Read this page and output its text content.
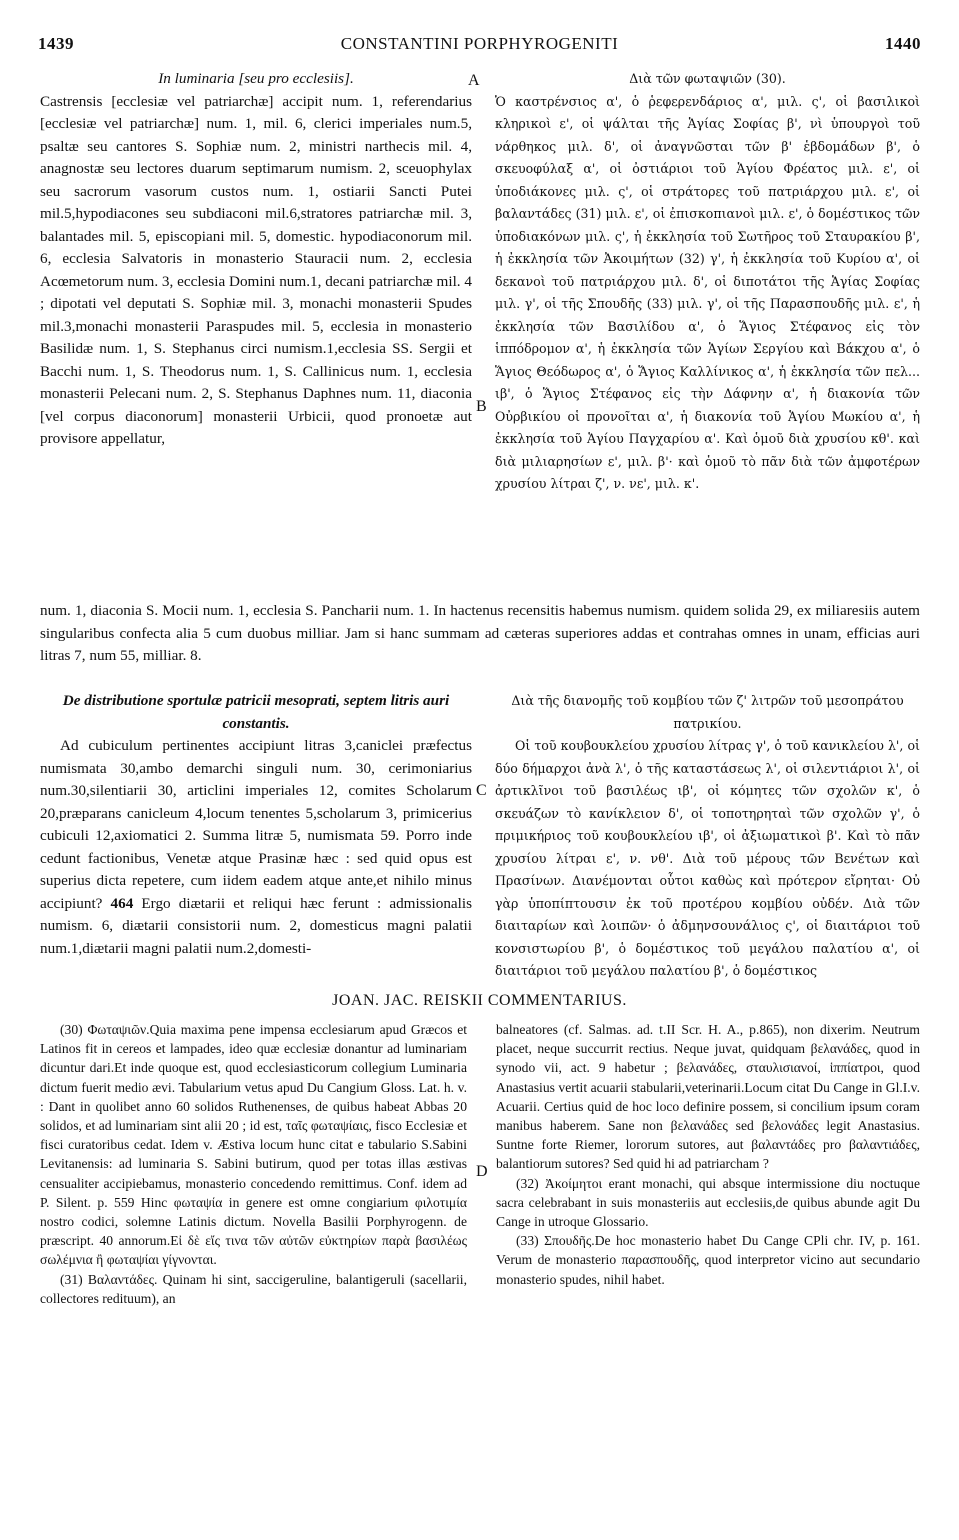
1439	CONSTANTINI PORPHYROGENITI	1440
A
B
C
D

In luminaria [seu pro ecclesiis].

Castrensis [ecclesiæ vel patriarchæ] accipit num. 1, referendarius [ecclesiæ vel patriarchæ] num. 1, mil. 6, clerici imperiales num.5, psaltæ seu cantores S. Sophiæ num. 2, ministri narthecis mil. 4, anagnostæ seu lectores duarum septimarum numism. 2, sceuophylax seu sacrorum vasorum custos num. 1, ostiarii Sancti Putei mil.5,hypodiacones seu subdiaconi mil.6,stratores patriarchæ mil. 3, balantades mil. 5, episcopiani mil. 5, domestic. hypodiaconorum mil. 6, ecclesia Salvatoris in monasterio Stauracii num. 2, ecclesia Acœmetorum num. 3, ecclesia Domini num.1, decani patriarchæ mil. 4 ; dipotati vel deputati S. Sophiæ mil. 3, monachi monasterii Spudes mil.3,monachi monasterii Paraspudes mil. 5, ecclesia in monasterio Basilidæ num. 1, S. Stephanus circi numism.1,ecclesia SS. Sergii et Bacchi num. 1, S. Theodorus num. 1, S. Callinicus num. 1, ecclesia monasterii Pelecani num. 2, S. Stephanus Daphnes num. 11, diaconia [vel corpus diaconorum] monasterii Urbicii, quod pronoetæ aut provisore appellatur,

Διὰ τῶν φωταψιῶν (30).

Ὁ καστρένσιος α', ὁ ῥεφερενδάριος α', μιλ. ς', οἱ βασιλικοὶ κληρικοὶ ε', οἱ ψάλται τῆς Ἁγίας Σοφίας β', νὶ ὑπουργοὶ τοῦ νάρθηκος μιλ. δ', οἱ ἀναγνῶσται τῶν β' ἑβδομάδων β', ὁ σκευοφύλαξ α', οἱ ὀστιάριοι τοῦ Ἁγίου Φρέατος μιλ. ε', οἱ ὑποδιάκονες μιλ. ς', οἱ στράτορες τοῦ πατριάρχου μιλ. ε', οἱ βαλαντάδες (31) μιλ. ε', οἱ ἐπισκοπιανοὶ μιλ. ε', ὁ δομέστικος τῶν ὑποδιακόνων μιλ. ς', ἡ ἐκκλησία τοῦ Σωτῆρος τοῦ Σταυρακίου β', ἡ ἐκκλησία τῶν Ἀκοιμήτων (32) γ', ἡ ἐκκλησία τοῦ Κυρίου α', οἱ δεκανοὶ τοῦ πατριάρχου μιλ. δ', οἱ διποτάτοι τῆς Ἁγίας Σοφίας μιλ. γ', οἱ τῆς Σπουδῆς (33) μιλ. γ', οἱ τῆς Παρασπουδῆς μιλ. ε', ἡ ἐκκλησία τῶν Βασιλίδου α', ὁ Ἅγιος Στέφανος εἰς τὸν ἱππόδρομον α', ἡ ἐκκλησία τῶν Ἁγίων Σεργίου καὶ Βάκχου α', ὁ Ἅγιος Θεόδωρος α', ὁ Ἅγιος Καλλίνικος α', ἡ ἐκκλησία τῶν πελ... ιβ', ὁ Ἅγιος Στέφανος εἰς τὴν Δάφνην α', ἡ διακονία τῶν Οὐρβικίου οἱ προνοῖται α', ἡ διακονία τοῦ Ἁγίου Μωκίου α', ἡ ἐκκλησία τοῦ Ἁγίου Παγχαρίου α'. Καὶ ὁμοῦ διὰ χρυσίου κθ'. καὶ διὰ μιλιαρησίων ε', μιλ. β'· καὶ ὁμοῦ τὸ πᾶν διὰ τῶν ἀμφοτέρων χρυσίου λίτραι ζ', ν. νε', μιλ. κ'.

num. 1, diaconia S. Mocii num. 1, ecclesia S. Pancharii num. 1. In hactenus recensitis habemus numism. quidem solida 29, ex miliaresiis autem singularibus confecta alia 5 cum duobus milliar. Jam si hanc summam ad cæteras superiores addas et contrahas omnes in unam, efficias auri litras 7, num 55, milliar. 8.

De distributione sportulæ patricii mesoprati, septem litris auri constantis.

Ad cubiculum pertinentes accipiunt litras 3,caniclei præfectus numismata 30,ambo demarchi singuli num. 30, cerimoniarius num.30,silentiarii 30, articlini imperiales 12, comites Scholarum 20,præparans canicleum 4,locum tenentes 5,scholarum 3, primicerius cubiculi 12,axiomatici 2. Summa litræ 5, numismata 59. Porro inde cedunt factionibus, Venetæ atque Prasinæ hæc : sed quid opus est superius dicta repetere, cum iidem eadem atque ante,et nihilo minus accipiunt? 464 Ergo diætarii et reliqui hæc ferunt : admissionalis numism. 6, diætarii consistorii num. 2, domesticus magni palatii num.1,diætarii magni palatii num.2,domesti-

Διὰ τῆς διανομῆς τοῦ κομβίου τῶν ζ' λιτρῶν τοῦ μεσοπράτου πατρικίου.

Οἱ τοῦ κουβουκλείου χρυσίου λίτρας γ', ὁ τοῦ κανικλείου λ', οἱ δύο δήμαρχοι ἀνὰ λ', ὁ τῆς καταστάσεως λ', οἱ σιλεντιάριοι λ', οἱ ἀρτικλῖνοι τοῦ βασιλέως ιβ', οἱ κόμητες τῶν σχολῶν κ', ὁ σκευάζων τὸ κανίκλειον δ', οἱ τοποτηρηταὶ τῶν σχολῶν γ', ὁ πριμικήριος τοῦ κουβουκλείου ιβ', οἱ ἀξιωματικοὶ β'. Καὶ τὸ πᾶν χρυσίου λίτραι ε', ν. νθ'. Διὰ τοῦ μέρους τῶν Βενέτων καὶ Πρασίνων. Διανέμονται οὗτοι καθὼς καὶ πρότερον εἴρηται· Οὐ γὰρ ὑποπίπτουσιν ἐκ τοῦ προτέρου κομβίου οὐδέν. Διὰ τῶν διαιταρίων καὶ λοιπῶν· ὁ ἀδμηνσουνάλιος ς', οἱ διαιτάριοι τοῦ κονσιστωρίου β', ὁ δομέστικος τοῦ μεγάλου παλατίου α', οἱ διαιτάριοι τοῦ μεγάλου παλατίου β', ὁ δομέστικος

JOAN. JAC. REISKII COMMENTARIUS.

(30) Φωταψιῶν.Quia maxima pene impensa ecclesiarum apud Græcos et Latinos fit in cereos et lampades, ideo quæ ecclesiæ donantur ad luminariam dicuntur dari.Et inde quoque est, quod ecclesiasticorum collegium Luminaria dictum fuerit medio ævi. Tabularium vetus apud Du Cangium Gloss. Lat. h. v. : Dant in quolibet anno 60 solidos Ruthenenses, de quibus habeat Abbas 20 solidos, et ad luminariam sint alii 20 ; id est, ταῖς φωταψίαις, fisco Ecclesiæ et fisci curatoribus cedat. Idem v. Æstiva locum hunc citat e tabulario S.Sabini Levitanensis: ad luminaria S. Sabini butirum, quod per totas illas æstivas censualiter accipiebamus, monasterio concedendo remittimus. Conf. idem ad P. Silent. p. 559 Hinc φωταψία in genere est omne congiarium φιλοτιμία nostro codici, solemne Latinis dictum. Novella Basilii Porphyrogenn. de præscript. 40 annorum.Εἰ δὲ εἴς τινα τῶν αὐτῶν εὐκτηρίων παρὰ βασιλέως σωλέμνια ἢ φωταψίαι γίγνονται.

(31) Βαλαντάδες. Quinam hi sint, saccigeruline, balantigeruli (sacellarii, collectores redituum), an

balneatores (cf. Salmas. ad. t.II Scr. H. A., p.865), non dixerim. Neutrum placet, neque succurrit rectius. Neque juvat, quidquam βελανάδες, quod in synodo vii, act. 9 habetur ; βελανάδες, σταυλισιανοί, ἱππίατροι, quod Anastasius vertit acuarii stabularii,veterinarii.Locum citat Du Cange in Gl.I.v. Acuarii. Certius quid de hoc loco definire possem, si concilium ipsum coram manibus haberem. Sane non βελανάδες sed βελονάδες legit Anastasius. Suntne forte Riemer, lororum sutores, aut βαλαντάδες pro βαλαντιάδες, balantiorum sutores? Sed quid hi ad patriarcham ?

(32) Ἀκοίμητοι erant monachi, qui absque intermissione diu noctuque sacra celebrabant in suis monasteriis aut ecclesiis,de quibus abunde agit Du Cange in utroque Glossario.

(33) Σπουδῆς.De hoc monasterio habet Du Cange CPli chr. IV, p. 161. Verum de monasterio παρασπουδῆς, quod interpretor vicino aut secundario monasterio spudes, nihil habet.
